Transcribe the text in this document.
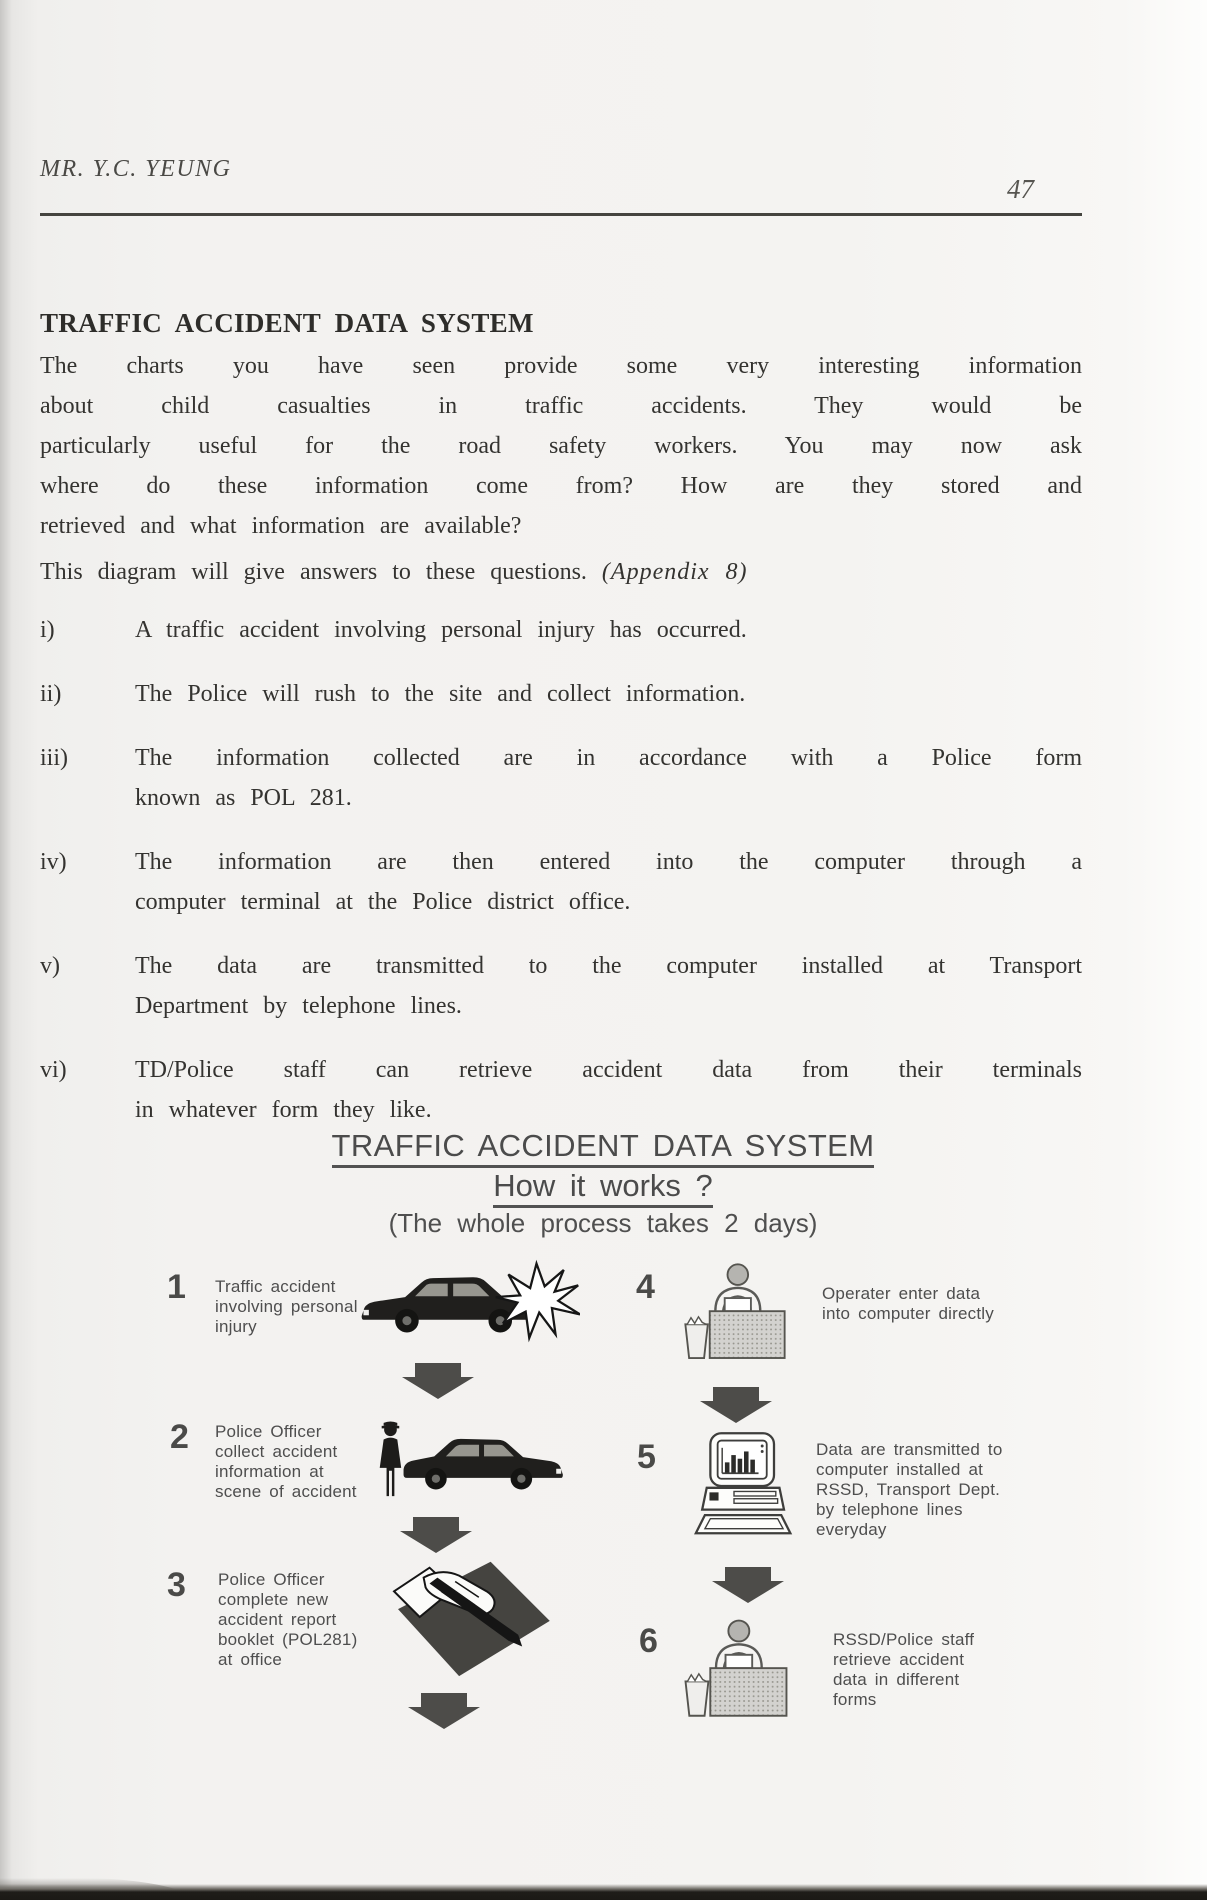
MR. Y.C. YEUNG
47
TRAFFIC ACCIDENT DATA SYSTEM
The charts you have seen provide some very interesting information
about child casualties in traffic accidents. They would be
particularly useful for the road safety workers. You may now ask
where do these information come from? How are they stored and
retrieved and what information are available?
This diagram will give answers to these questions. (Appendix 8)
i)	A traffic accident involving personal injury has occurred.
ii)	The Police will rush to the site and collect information.
iii)	The information collected are in accordance with a Police form
known as POL 281.
iv)	The information are then entered into the computer through a
computer terminal at the Police district office.
v)	The data are transmitted to the computer installed at Transport
Department by telephone lines.
vi)	TD/Police staff can retrieve accident data from their terminals
in whatever form they like.
TRAFFIC ACCIDENT DATA SYSTEM
How it works ?
(The whole process takes 2 days)
1 Traffic accident involving personal injury
2 Police Officer collect accident information at scene of accident
3 Police Officer complete new accident report booklet (POL281) at office
4	Operater enter data into computer directly
5	Data are transmitted to computer installed at RSSD, Transport Dept. by telephone lines everyday
6	RSSD/Police staff retrieve accident data in different forms
